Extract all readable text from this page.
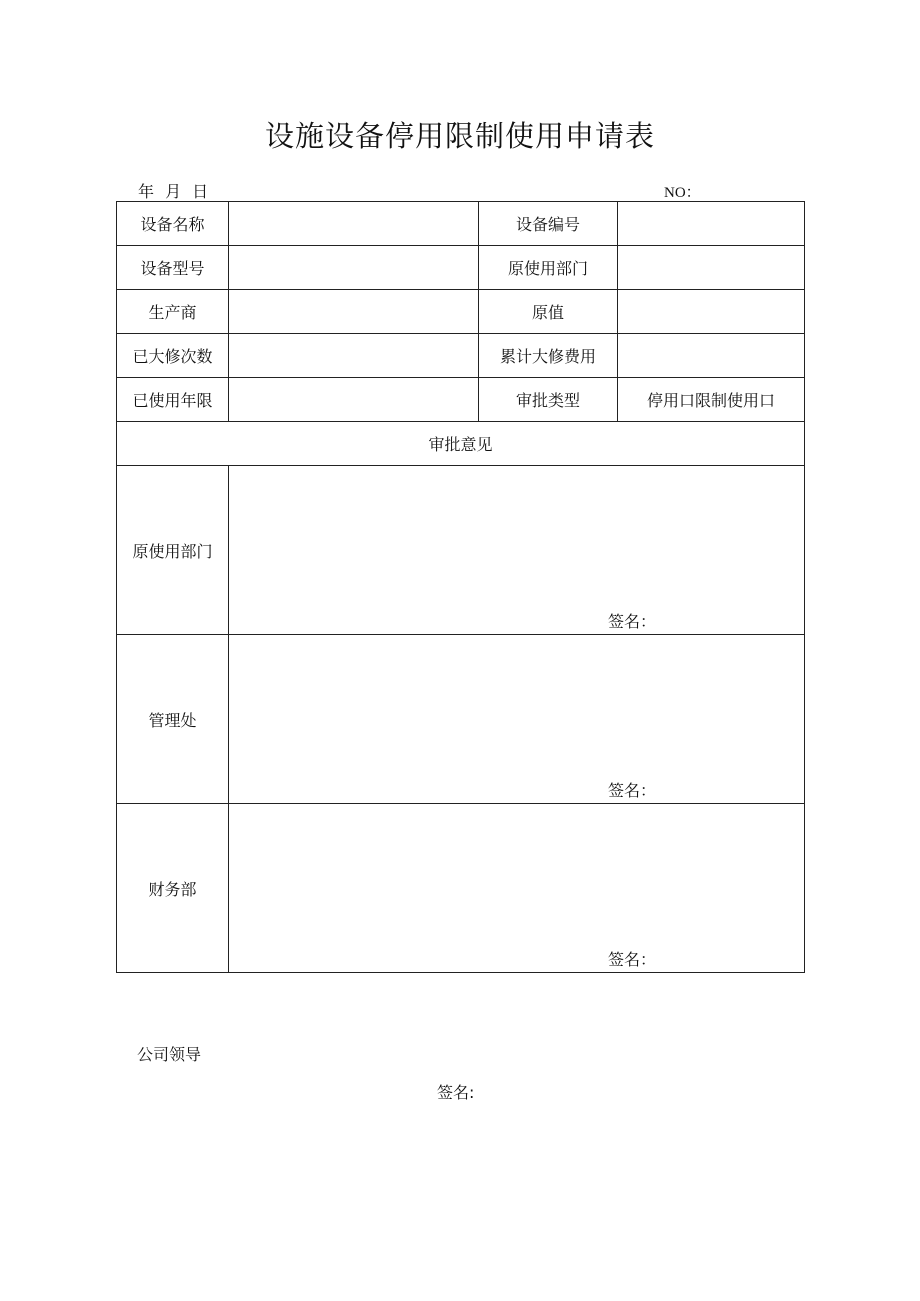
设施设备停用限制使用申请表
年 月 日	NO：
设备名称		设备编号	
设备型号		原使用部门	
生产商		原值	
已大修次数		累计大修费用	
已使用年限		审批类型	停用口限制使用口
审批意见			
原使用部门	签名：		

管理处	签名：		

财务部	签名：		
公司领导
签名:
